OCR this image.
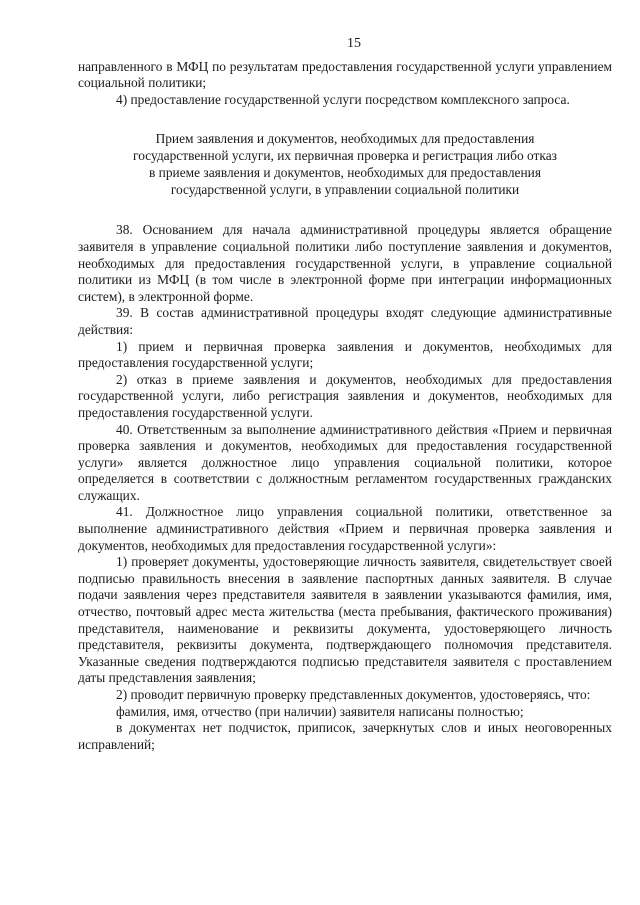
15

направленного в МФЦ по результатам предоставления государственной услуги управлением социальной политики;

4) предоставление государственной услуги посредством комплексного запроса.

Прием заявления и документов, необходимых для предоставления
государственной услуги, их первичная проверка и регистрация либо отказ
в приеме заявления и документов, необходимых для предоставления
государственной услуги, в управлении социальной политики

38. Основанием для начала административной процедуры является обращение заявителя в управление социальной политики либо поступление заявления и документов, необходимых для предоставления государственной услуги, в управление социальной политики из МФЦ (в том числе в электронной форме при интеграции информационных систем), в электронной форме.

39. В состав административной процедуры входят следующие административные действия:

1) прием и первичная проверка заявления и документов, необходимых для предоставления государственной услуги;

2) отказ в приеме заявления и документов, необходимых для предоставления государственной услуги, либо регистрация заявления и документов, необходимых для предоставления государственной услуги.

40. Ответственным за выполнение административного действия «Прием и первичная проверка заявления и документов, необходимых для предоставления государственной услуги» является должностное лицо управления социальной политики, которое определяется в соответствии с должностным регламентом государственных гражданских служащих.

41. Должностное лицо управления социальной политики, ответственное за выполнение административного действия «Прием и первичная проверка заявления и документов, необходимых для предоставления государственной услуги»:

1) проверяет документы, удостоверяющие личность заявителя, свидетельствует своей подписью правильность внесения в заявление паспортных данных заявителя. В случае подачи заявления через представителя заявителя в заявлении указываются фамилия, имя, отчество, почтовый адрес места жительства (места пребывания, фактического проживания) представителя, наименование и реквизиты документа, удостоверяющего личность представителя, реквизиты документа, подтверждающего полномочия представителя. Указанные сведения подтверждаются подписью представителя заявителя с проставлением даты представления заявления;

2) проводит первичную проверку представленных документов, удостоверяясь, что:

фамилия, имя, отчество (при наличии) заявителя написаны полностью;

в документах нет подчисток, приписок, зачеркнутых слов и иных неоговоренных исправлений;
